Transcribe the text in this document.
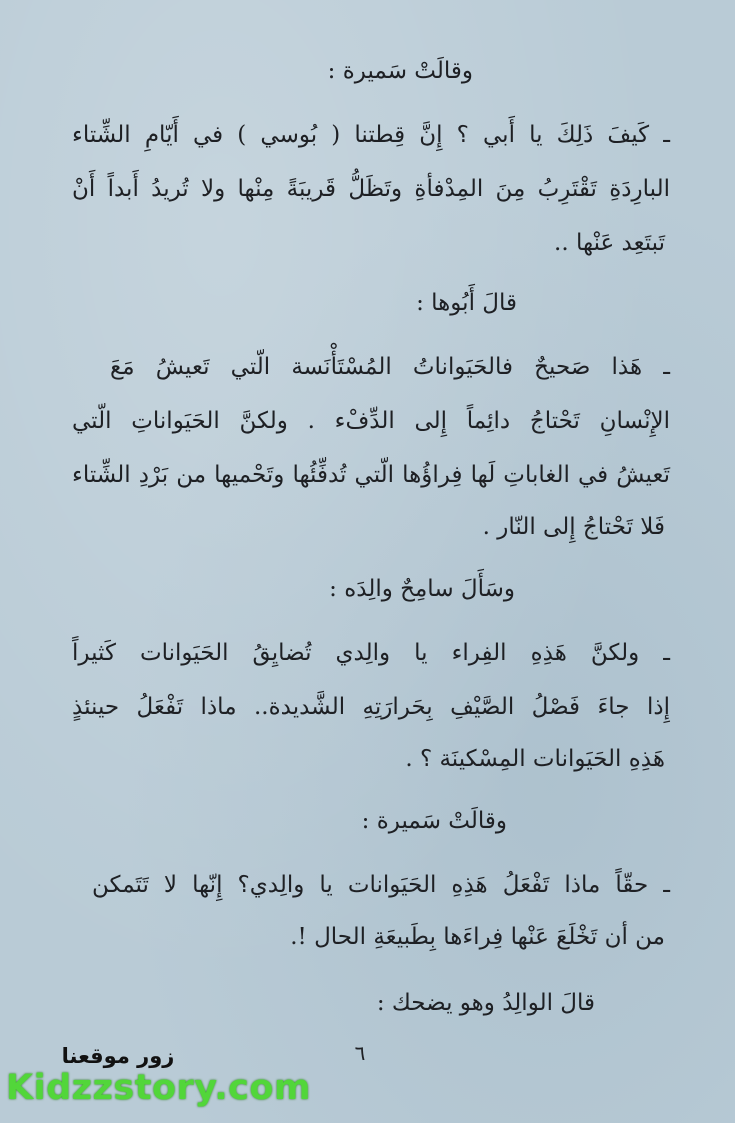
وقالَتْ سَميرة :
ـ كَيفَ ذَلِكَ يا أَبي ؟ إِنَّ قِطتنا ( بُوسي ) في أَيّامِ الشِّتاء
البارِدَةِ تَقْتَرِبُ مِنَ المِدْفأةِ وتَظَلُّ قَريبَةً مِنْها ولا تُريدُ أَبداً أَنْ
تَبتَعِد عَنْها ..
قالَ أَبُوها :
ـ هَذا صَحيحٌ فالحَيَواناتُ المُسْتَأْنَسة الّتي تَعيشُ مَعَ
الإِنْسانِ تَحْتاجُ دائِماً إِلى الدِّفْء . ولكنَّ الحَيَواناتِ الّتي
تَعيشُ في الغاباتِ لَها فِراؤُها الّتي تُدفِّئُها وتَحْميها من بَرْدِ الشِّتاء
فَلا تَحْتاجُ إِلى النّار .
وسَأَلَ سامِحٌ والِدَه :
ـ ولكنَّ هَذِهِ الفِراء يا والِدي تُضايِقُ الحَيَوانات كَثيراً
إِذا جاءَ فَصْلُ الصَّيْفِ بِحَرارَتِهِ الشَّديدة.. ماذا تَفْعَلُ حينئذٍ
هَذِهِ الحَيَوانات المِسْكينَة ؟ .
وقالَتْ سَميرة :
ـ حقّاً ماذا تَفْعَلُ هَذِهِ الحَيَوانات يا والِدي؟ إِنّها لا تَتَمكن
من أن تَخْلَعَ عَنْها فِراءَها بِطَبيعَةِ الحال !.
قالَ الوالِدُ وهو يضحك :
٦
زور موقعنا
Kidzzstory.com
